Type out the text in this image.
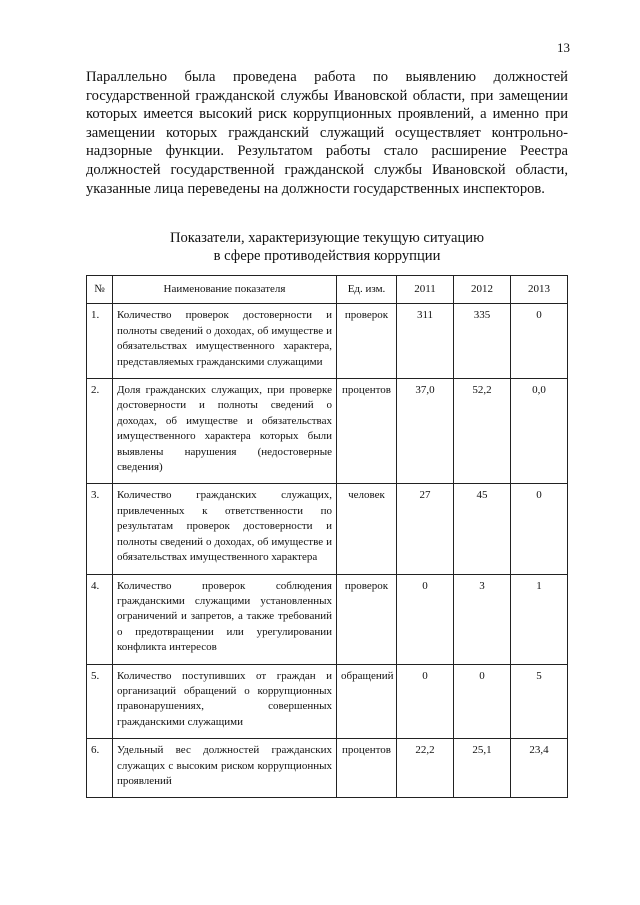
13

Параллельно была проведена работа по выявлению должностей государственной гражданской службы Ивановской области, при замещении которых имеется высокий риск коррупционных проявлений, а именно при замещении которых гражданский служащий осуществляет контрольно-надзорные функции. Результатом работы стало расширение Реестра должностей государственной гражданской службы Ивановской области, указанные лица переведены на должности государственных инспекторов.

Показатели, характеризующие текущую ситуацию
в сфере противодействия коррупции
№	Наименование показателя	Ед. изм.	2011	2012	2013
1.	Количество проверок достоверности и полноты сведений о доходах, об имуществе и обязательствах имущественного характера, представляемых гражданскими служащими	проверок	311	335	0
2.	Доля гражданских служащих, при проверке достоверности и полноты сведений о доходах, об имуществе и обязательствах имущественного характера которых были выявлены нарушения (недостоверные сведения)	процентов	37,0	52,2	0,0
3.	Количество гражданских служащих, привлеченных к ответственности по результатам проверок достоверности и полноты сведений о доходах, об имуществе и обязательствах имущественного характера	человек	27	45	0
4.	Количество проверок соблюдения гражданскими служащими установленных ограничений и запретов, а также требований о предотвращении или урегулировании конфликта интересов	проверок	0	3	1
5.	Количество поступивших от граждан и организаций обращений о коррупционных правонарушениях, совершенных гражданскими служащими	обращений	0	0	5
6.	Удельный вес должностей гражданских служащих с высоким риском коррупционных проявлений	процентов	22,2	25,1	23,4
